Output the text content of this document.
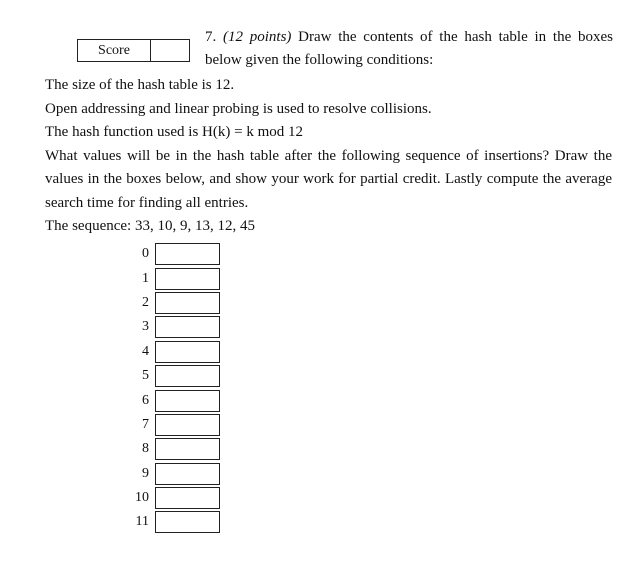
Score
7. (12 points) Draw the contents of the hash table in the boxes below given the following conditions:

The size of the hash table is 12.

Open addressing and linear probing is used to resolve collisions.

The hash function used is H(k) = k mod 12

What values will be in the hash table after the following sequence of insertions? Draw the values in the boxes below, and show your work for partial credit. Lastly compute the average search time for finding all entries.

The sequence: 33, 10, 9, 13, 12, 45

0
1
2
3
4
5
6
7
8
9
10
11
